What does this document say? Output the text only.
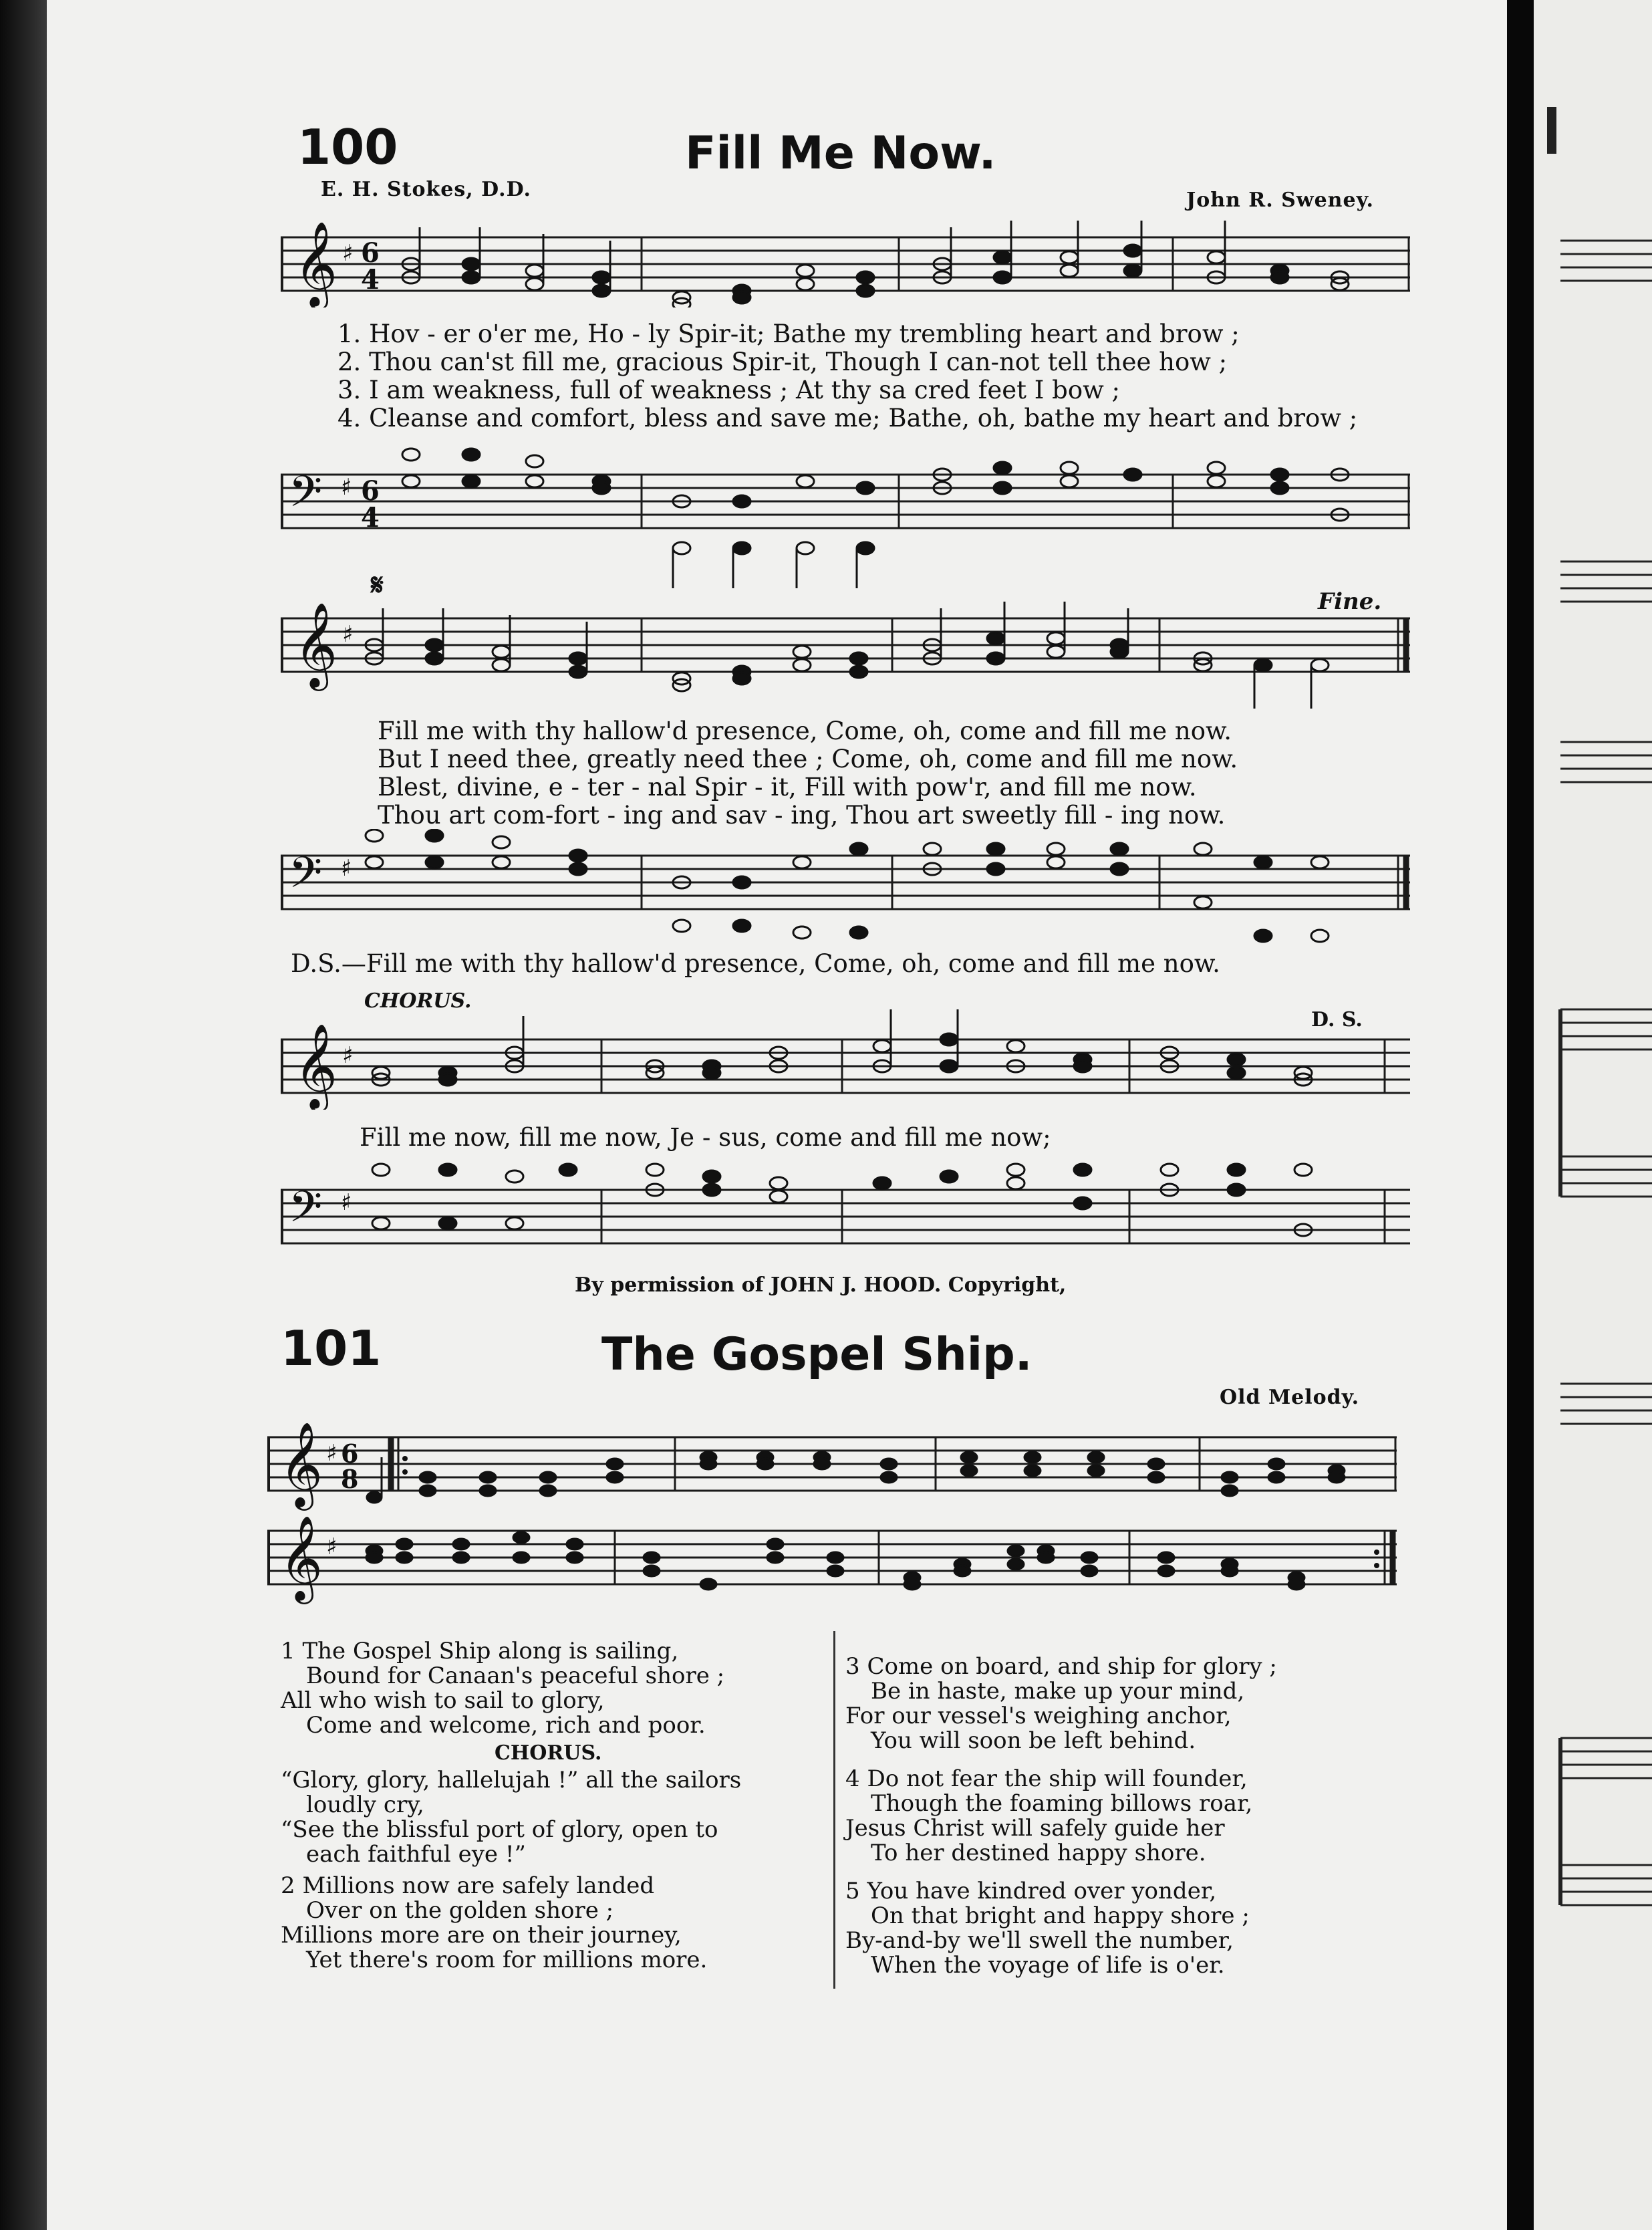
100	Fill Me Now.
E. H. Stokes, D.D.	John R. Sweney.
𝄞 ♯ 6
4
1. Hov - er o'er me, Ho - ly Spir-it; Bathe my trembling heart and brow ;
2. Thou can'st fill me, gracious Spir-it, Though I can-not tell thee how ;
3. I am weakness, full of weakness ; At thy sa cred feet I bow ;
4. Cleanse and comfort, bless and save me; Bathe, oh, bathe my heart and brow ;
𝄢 ♯ 6
4
𝄋	Fine.
𝄞 ♯
Fill me with thy hallow'd presence, Come, oh, come and fill me now.
But I need thee, greatly need thee ; Come, oh, come and fill me now.
Blest, divine, e - ter - nal Spir - it, Fill with pow'r, and fill me now.
Thou art com-fort - ing and sav - ing, Thou art sweetly fill - ing now.
𝄢 ♯
D.S.—Fill me with thy hallow'd presence, Come, oh, come and fill me now.
CHORUS.
D. S.
𝄞 ♯
Fill me now, fill me now, Je - sus, come and fill me now;
𝄢 ♯
By permission of JOHN J. HOOD. Copyright,
101	The Gospel Ship.
Old Melody.
𝄞 ♯ 6
8
𝄞 ♯
1 The Gospel Ship along is sailing,
Bound for Canaan's peaceful shore ;
All who wish to sail to glory,
Come and welcome, rich and poor.
CHORUS.
“Glory, glory, hallelujah !” all the sailors
loudly cry,
“See the blissful port of glory, open to
each faithful eye !”
2 Millions now are safely landed
Over on the golden shore ;
Millions more are on their journey,
Yet there's room for millions more.
3 Come on board, and ship for glory ;
Be in haste, make up your mind,
For our vessel's weighing anchor,
You will soon be left behind.
4 Do not fear the ship will founder,
Though the foaming billows roar,
Jesus Christ will safely guide her
To her destined happy shore.
5 You have kindred over yonder,
On that bright and happy shore ;
By-and-by we'll swell the number,
When the voyage of life is o'er.
